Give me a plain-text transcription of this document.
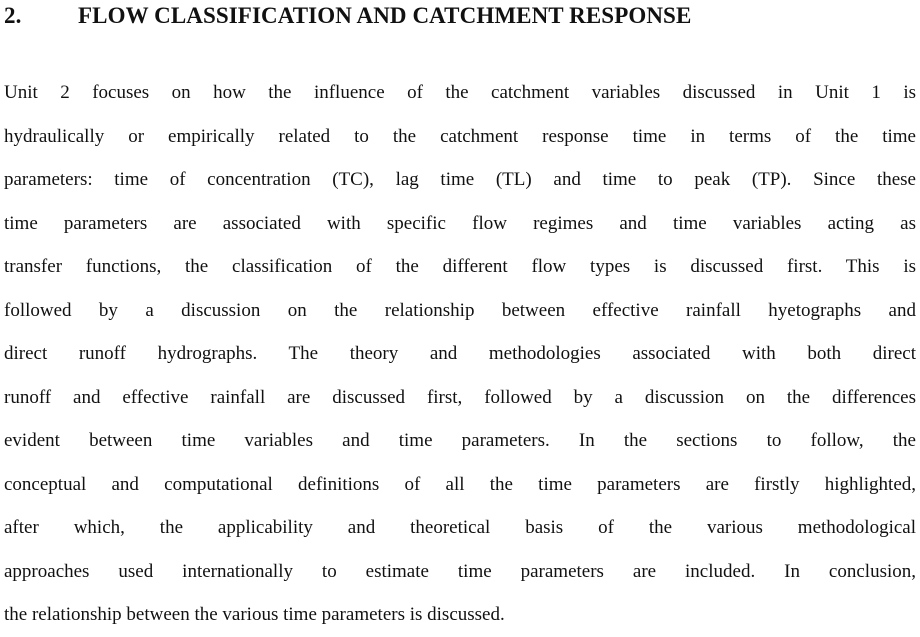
2.	FLOW CLASSIFICATION AND CATCHMENT RESPONSE
Unit 2 focuses on how the influence of the catchment variables discussed in Unit 1 is
hydraulically or empirically related to the catchment response time in terms of the time
parameters: time of concentration (TC), lag time (TL) and time to peak (TP). Since these
time parameters are associated with specific flow regimes and time variables acting as
transfer functions, the classification of the different flow types is discussed first. This is
followed by a discussion on the relationship between effective rainfall hyetographs and
direct runoff hydrographs. The theory and methodologies associated with both direct
runoff and effective rainfall are discussed first, followed by a discussion on the differences
evident between time variables and time parameters. In the sections to follow, the
conceptual and computational definitions of all the time parameters are firstly highlighted,
after which, the applicability and theoretical basis of the various methodological
approaches used internationally to estimate time parameters are included. In conclusion,
the relationship between the various time parameters is discussed.
